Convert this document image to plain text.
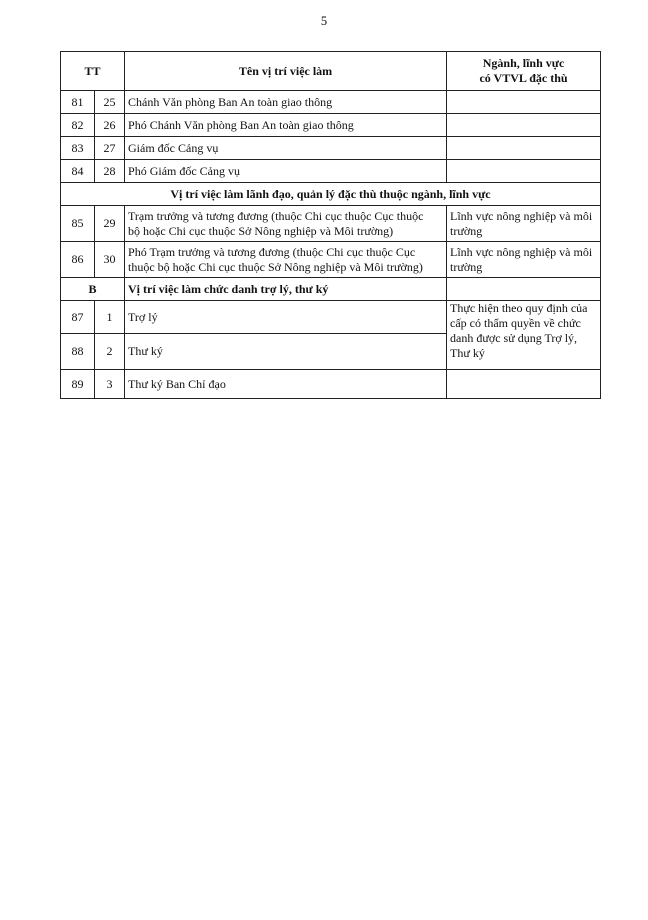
5
TT		Tên vị trí việc làm	Ngành, lĩnh vực
có VTVL đặc thù
81	25	Chánh Văn phòng Ban An toàn giao thông	
82	26	Phó Chánh Văn phòng Ban An toàn giao thông	
83	27	Giám đốc Cảng vụ	
84	28	Phó Giám đốc Cảng vụ	
Vị trí việc làm lãnh đạo, quản lý đặc thù thuộc ngành, lĩnh vực			
85	29	Trạm trưởng và tương đương (thuộc Chi cục thuộc Cục thuộc
bộ hoặc Chi cục thuộc Sở Nông nghiệp và Môi trường)	Lĩnh vực nông nghiệp và môi
trường
86	30	Phó Trạm trưởng và tương đương (thuộc Chi cục thuộc Cục
thuộc bộ hoặc Chi cục thuộc Sở Nông nghiệp và Môi trường)	Lĩnh vực nông nghiệp và môi
trường
B		Vị trí việc làm chức danh trợ lý, thư ký	
87	1	Trợ lý	Thực hiện theo quy định của
cấp có thẩm quyền về chức
danh được sử dụng Trợ lý,
Thư ký
88	2	Thư ký	
89	3	Thư ký Ban Chỉ đạo	
